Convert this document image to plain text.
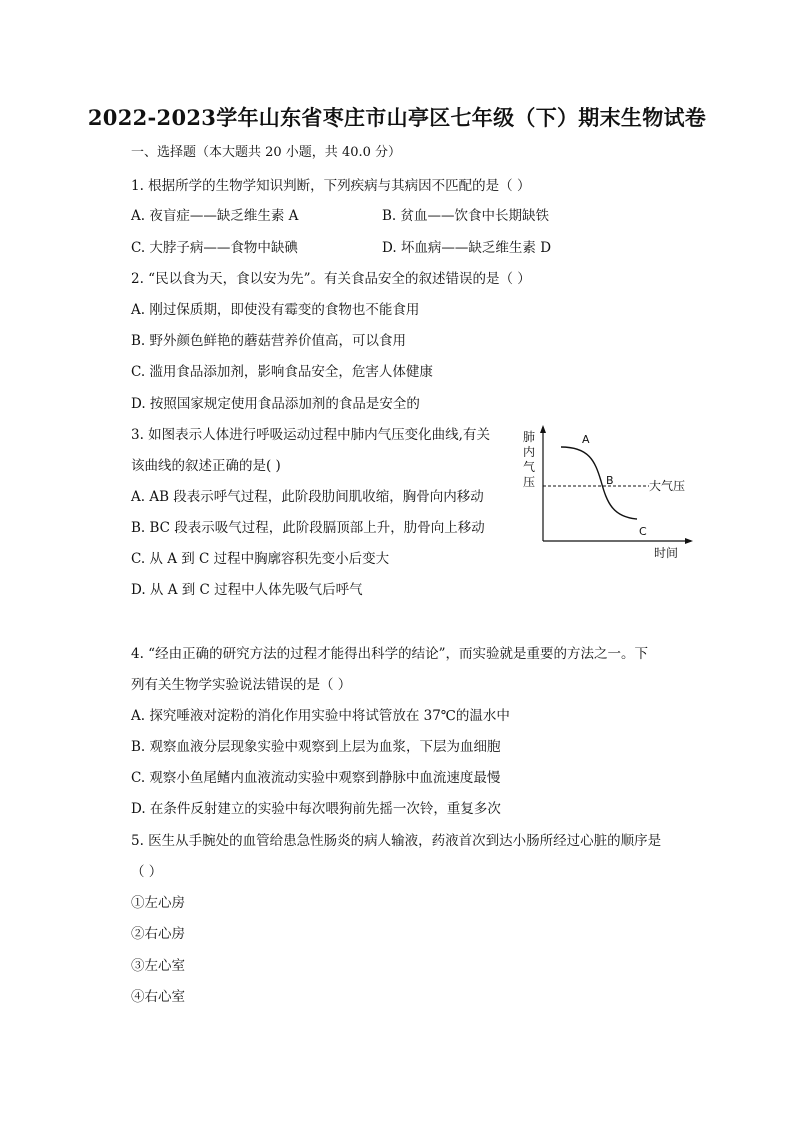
2022-2023学年山东省枣庄市山亭区七年级（下）期末生物试卷
一、选择题（本大题共 20 小题，共 40.0 分）
1. 根据所学的生物学知识判断，下列疾病与其病因不匹配的是（ ）
A. 夜盲症——缺乏维生素 A	B. 贫血——饮食中长期缺铁
C. 大脖子病——食物中缺碘	D. 坏血病——缺乏维生素 D
2. “民以食为天，食以安为先”。有关食品安全的叙述错误的是（ ）
A. 刚过保质期，即使没有霉变的食物也不能食用
B. 野外颜色鲜艳的蘑菇营养价值高，可以食用
C. 滥用食品添加剂，影响食品安全，危害人体健康
D. 按照国家规定使用食品添加剂的食品是安全的
3. 如图表示人体进行呼吸运动过程中肺内气压变化曲线,有关
该曲线的叙述正确的是( )
A. AB 段表示呼气过程，此阶段肋间肌收缩，胸骨向内移动
B. BC 段表示吸气过程，此阶段膈顶部上升，肋骨向上移动
C. 从 A 到 C 过程中胸廓容积先变小后变大
D. 从 A 到 C 过程中人体先吸气后呼气
肺
内
气
压	大气压
A
B
C
时间
4. “经由正确的研究方法的过程才能得出科学的结论”，而实验就是重要的方法之一。下
列有关生物学实验说法错误的是（ ）
A. 探究唾液对淀粉的消化作用实验中将试管放在 37℃的温水中
B. 观察血液分层现象实验中观察到上层为血浆，下层为血细胞
C. 观察小鱼尾鳍内血液流动实验中观察到静脉中血流速度最慢
D. 在条件反射建立的实验中每次喂狗前先摇一次铃，重复多次
5. 医生从手腕处的血管给患急性肠炎的病人输液，药液首次到达小肠所经过心脏的顺序是
（ ）
①左心房
②右心房
③左心室
④右心室
